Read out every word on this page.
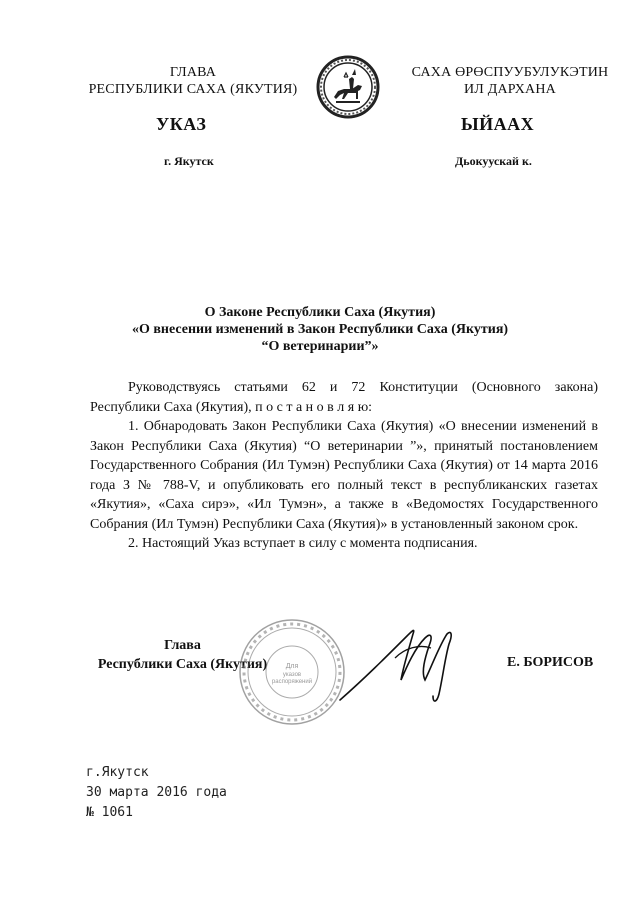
ГЛАВА
РЕСПУБЛИКИ САХА (ЯКУТИЯ)
САХА ӨРӨСПУУБУЛУКЭТИН
ИЛ ДАРХАНА
УКАЗ	ЫЙААХ
г. Якутск	Дьокуускай к.
О Законе Республики Саха (Якутия)
«О внесении изменений в Закон Республики Саха (Якутия)
“О ветеринарии”»

Руководствуясь статьями 62 и 72 Конституции (Основного закона) Республики Саха (Якутия), п о с т а н о в л я ю:

1. Обнародовать Закон Республики Саха (Якутия) «О внесении изменений в Закон Республики Саха (Якутия) “О ветеринарии ”», принятый постановлением Государственного Собрания (Ил Тумэн) Республики Саха (Якутия) от 14 марта 2016 года З № 788-V, и опубликовать его полный текст в республиканских газетах «Якутия», «Саха сирэ», «Ил Тумэн», а также в «Ведомостях Государственного Собрания (Ил Тумэн) Республики Саха (Якутия)» в установленный законом срок.

2. Настоящий Указ вступает в силу с момента подписания.

Глава
Республики Саха (Якутия)	Для
указов
распоряжений
Е. БОРИСОВ
г.Якутск
30 марта 2016 года
№ 1061
